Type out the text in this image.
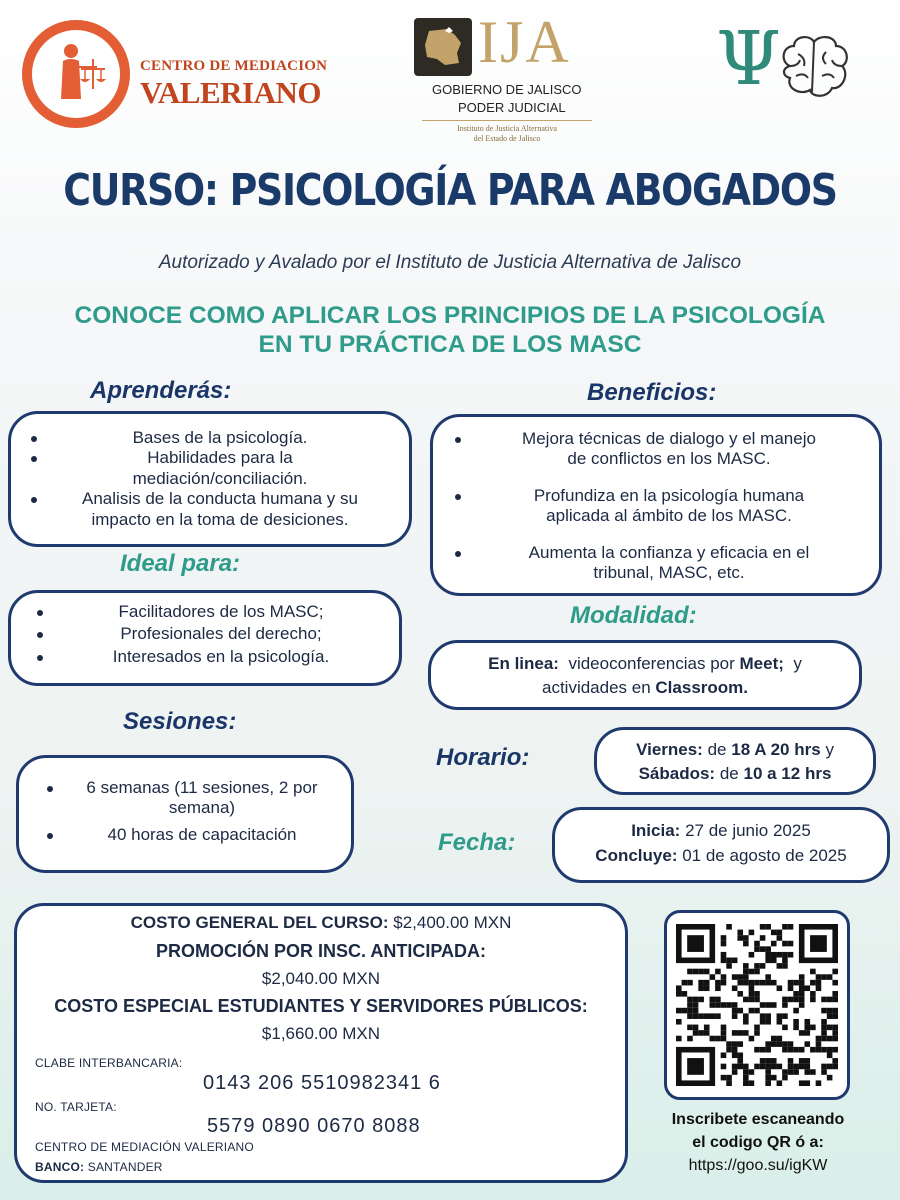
CENTRO DE MEDIACION
VALERIANO
IJA
GOBIERNO DE JALISCO
PODER JUDICIAL
Instituto de Justicia Alternativa
del Estado de Jalisco
Ψ
CURSO: PSICOLOGÍA PARA ABOGADOS
Autorizado y Avalado por el Instituto de Justicia Alternativa de Jalisco
CONOCE COMO APLICAR LOS PRINCIPIOS DE LA PSICOLOGÍA
EN TU PRÁCTICA DE LOS MASC
Aprenderás:
Bases de la psicología.
Habilidades para la
mediación/conciliación.
Analisis de la conducta humana y su
impacto en la toma de desiciones.
Beneficios:
Mejora técnicas de dialogo y el manejo
de conflictos en los MASC.
Profundiza en la psicología humana
aplicada al ámbito de los MASC.
Aumenta la confianza y eficacia en el
tribunal, MASC, etc.
Ideal para:
Facilitadores de los MASC;
Profesionales del derecho;
Interesados en la psicología.
Modalidad:
En linea: videoconferencias por Meet; y
actividades en Classroom.
Sesiones:
6 semanas (11 sesiones, 2 por
semana)
40 horas de capacitación
Horario:	Viernes: de 18 A 20 hrs y
Sábados: de 10 a 12 hrs
Fecha:	Inicia: 27 de junio 2025
Concluye: 01 de agosto de 2025
COSTO GENERAL DEL CURSO: $2,400.00 MXN
PROMOCIÓN POR INSC. ANTICIPADA:
$2,040.00 MXN
COSTO ESPECIAL ESTUDIANTES Y SERVIDORES PÚBLICOS:
$1,660.00 MXN
CLABE INTERBANCARIA:
0143 206 5510982341 6
NO. TARJETA:
5579 0890 0670 8088
CENTRO DE MEDIACIÓN VALERIANO
BANCO: SANTANDER
Inscribete escaneando
el codigo QR ó a:
https://goo.su/igKW
